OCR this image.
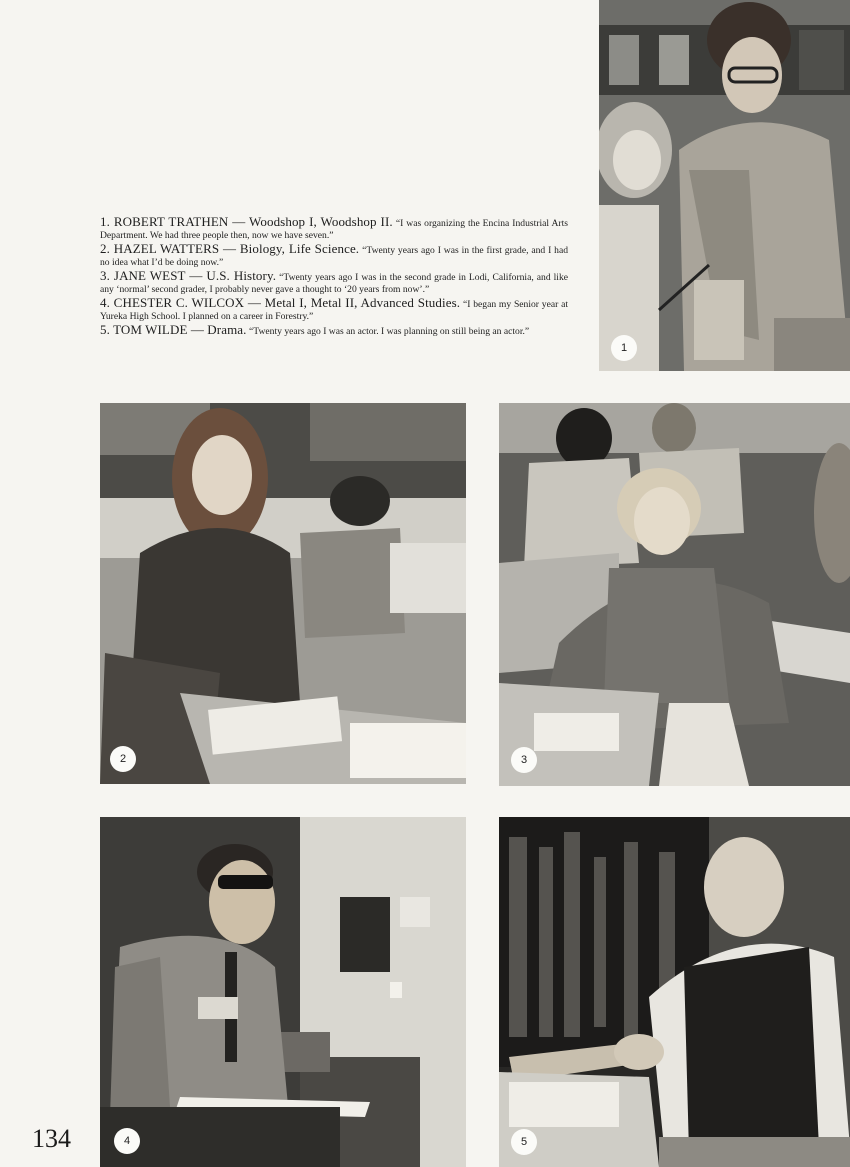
1. ROBERT TRATHEN — Woodshop I, Woodshop II. “I was organizing the Encina Industrial Arts Department. We had three people then, now we have seven.”

2. HAZEL WATTERS — Biology, Life Science. “Twenty years ago I was in the first grade, and I had no idea what I’d be doing now.”

3. JANE WEST — U.S. History. “Twenty years ago I was in the second grade in Lodi, California, and like any ‘normal’ second grader, I probably never gave a thought to ‘20 years from now’.”

4. CHESTER C. WILCOX — Metal I, Metal II, Advanced Studies. “I began my Senior year at Yureka High School. I planned on a career in Forestry.”

5. TOM WILDE — Drama. “Twenty years ago I was an actor. I was planning on still being an actor.”

1
2	3
4	5
134
